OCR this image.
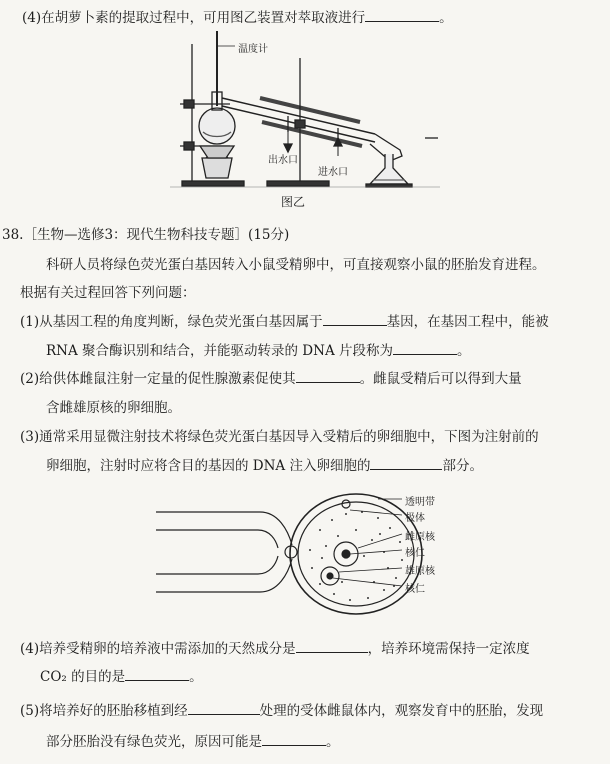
(4)在胡萝卜素的提取过程中，可用图乙装置对萃取液进行	。
温度计
出水口
进水口
图乙
38.［生物—选修3：现代生物科技专题］(15分)
科研人员将绿色荧光蛋白基因转入小鼠受精卵中，可直接观察小鼠的胚胎发育进程。
根据有关过程回答下列问题：
(1)从基因工程的角度判断，绿色荧光蛋白基因属于	基因，在基因工程中，能被
RNA 聚合酶识别和结合，并能驱动转录的 DNA 片段称为	。
(2)给供体雌鼠注射一定量的促性腺激素促使其	。雌鼠受精后可以得到大量
含雌雄原核的卵细胞。
(3)通常采用显微注射技术将绿色荧光蛋白基因导入受精后的卵细胞中，下图为注射前的
卵细胞，注射时应将含目的基因的 DNA 注入卵细胞的	部分。
透明带
极体
雌原核
核仁
雄原核
核仁
(4)培养受精卵的培养液中需添加的天然成分是	，培养环境需保持一定浓度
CO₂ 的目的是	。
(5)将培养好的胚胎移植到经	处理的受体雌鼠体内，观察发育中的胚胎，发现
部分胚胎没有绿色荧光，原因可能是	。
